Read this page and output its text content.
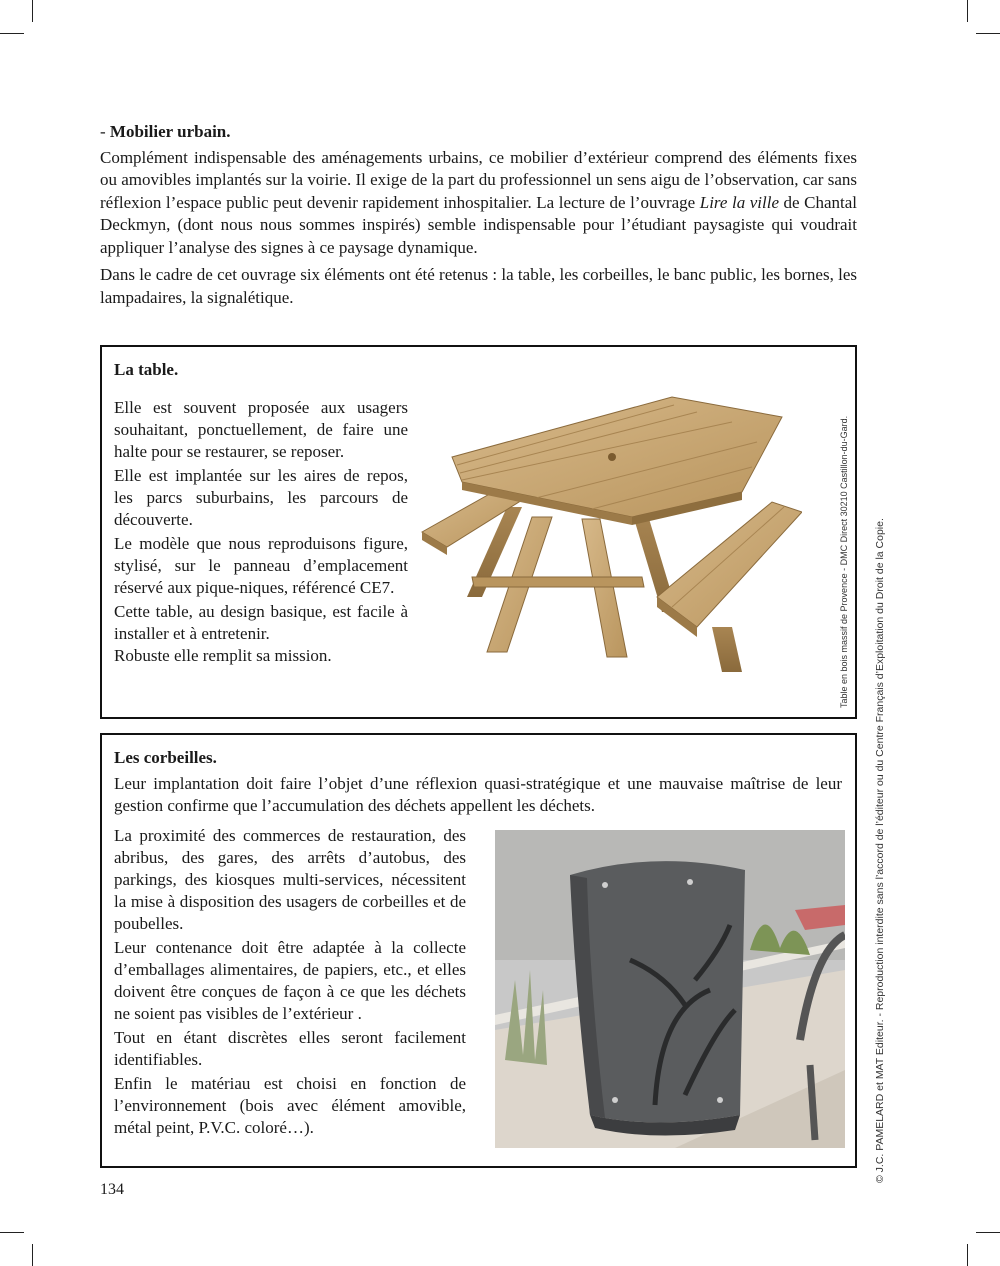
- Mobilier urbain.

Complément indispensable des aménagements urbains, ce mobilier d’extérieur comprend des éléments fixes ou amovibles implantés sur la voirie. Il exige de la part du professionnel un sens aigu de l’observation, car sans réflexion l’espace public peut devenir rapidement inhospitalier. La lecture de l’ouvrage Lire la ville de Chantal Deckmyn, (dont nous nous sommes inspirés) semble indispensable pour l’étudiant paysagiste qui voudrait appliquer l’analyse des signes à ce paysage dynamique.

Dans le cadre de cet ouvrage six éléments ont été retenus : la table, les corbeilles, le banc public, les bornes, les lampadaires, la signalétique.

La table.

Elle est souvent proposée aux usagers souhaitant, ponctuellement, de faire une halte pour se restaurer, se reposer.

Elle est implantée sur les aires de repos, les parcs suburbains, les parcours de découverte.

Le modèle que nous reproduisons figure, stylisé, sur le panneau d’emplacement réservé aux pique-niques, référencé CE7.

Cette table, au design basique, est facile à installer et à entretenir.

Robuste elle remplit sa mission.	Table en bois massif de Provence - DMC Direct 30210 Castillon-du-Gard.
Les corbeilles.
Leur implantation doit faire l’objet d’une réflexion quasi-stratégique et une mauvaise maîtrise de leur gestion confirme que l’accumulation des déchets appellent les déchets.

La proximité des commerces de restauration, des abribus, des gares, des arrêts d’autobus, des parkings, des kiosques multi-services, nécessitent la mise à disposition des usagers de corbeilles et de poubelles.

Leur contenance doit être adaptée à la collecte d’emballages alimentaires, de papiers, etc., et elles doivent être conçues de façon à ce que les déchets ne soient pas visibles de l’extérieur .

Tout en étant discrètes elles seront facilement identifiables.

Enfin le matériau est choisi en fonction de l’environnement (bois avec élément amovible, métal peint, P.V.C. coloré…).	© J.C. PAMELARD et MAT Editeur. - Reproduction interdite sans l’accord de l’éditeur ou du Centre Français d’Exploitation du Droit de la Copie.
134
